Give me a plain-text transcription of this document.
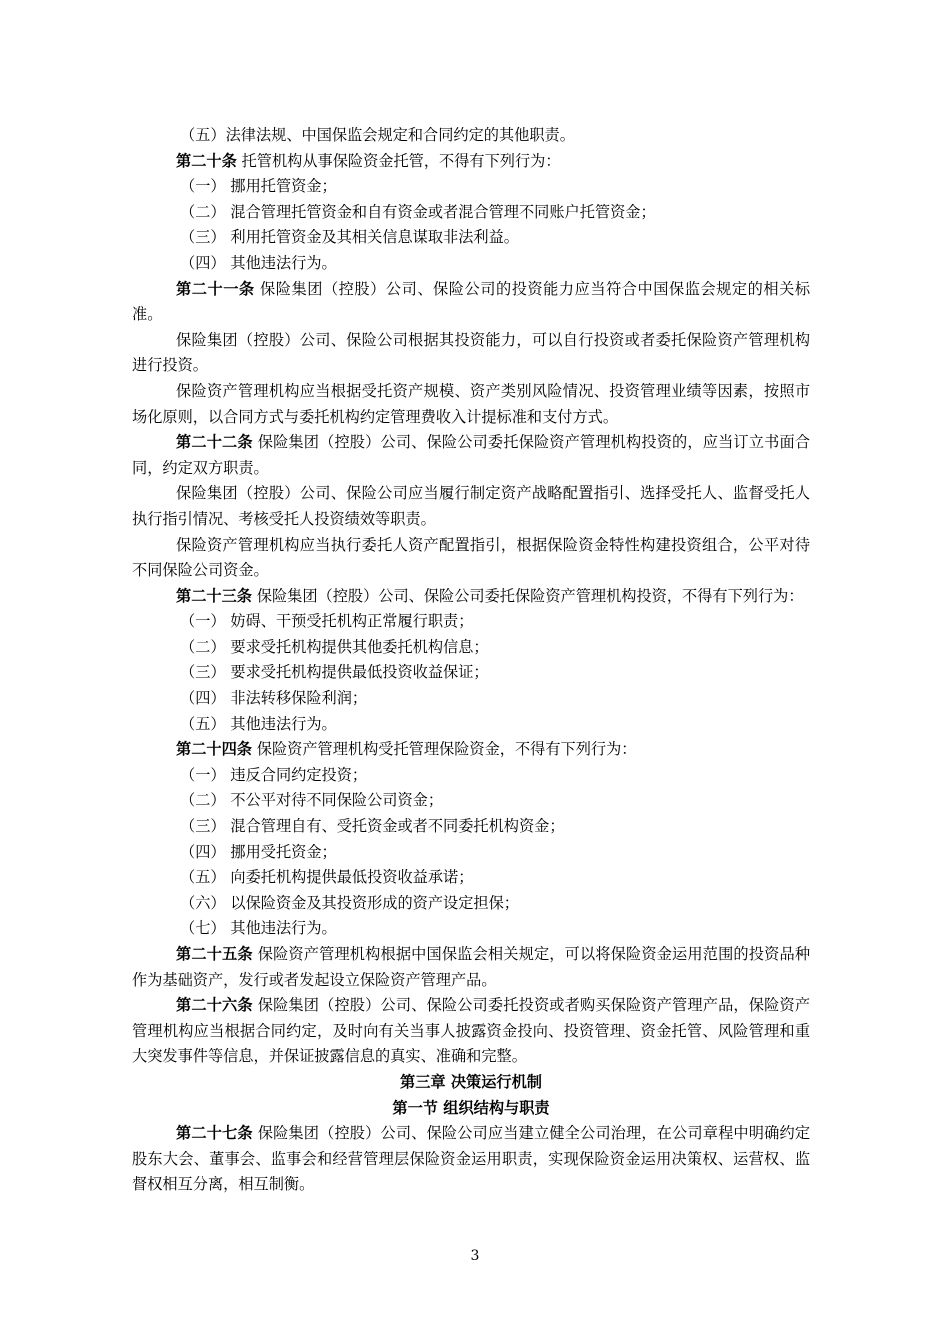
（五）法律法规、中国保监会规定和合同约定的其他职责。
第二十条 托管机构从事保险资金托管，不得有下列行为：
（一） 挪用托管资金；
（二） 混合管理托管资金和自有资金或者混合管理不同账户托管资金；
（三） 利用托管资金及其相关信息谋取非法利益。
（四） 其他违法行为。
第二十一条 保险集团（控股）公司、保险公司的投资能力应当符合中国保监会规定的相关标准。
保险集团（控股）公司、保险公司根据其投资能力，可以自行投资或者委托保险资产管理机构进行投资。
保险资产管理机构应当根据受托资产规模、资产类别风险情况、投资管理业绩等因素，按照市场化原则，以合同方式与委托机构约定管理费收入计提标准和支付方式。
第二十二条 保险集团（控股）公司、保险公司委托保险资产管理机构投资的，应当订立书面合同，约定双方职责。
保险集团（控股）公司、保险公司应当履行制定资产战略配置指引、选择受托人、监督受托人执行指引情况、考核受托人投资绩效等职责。
保险资产管理机构应当执行委托人资产配置指引，根据保险资金特性构建投资组合，公平对待不同保险公司资金。
第二十三条 保险集团（控股）公司、保险公司委托保险资产管理机构投资，不得有下列行为：
（一） 妨碍、干预受托机构正常履行职责；
（二） 要求受托机构提供其他委托机构信息；
（三） 要求受托机构提供最低投资收益保证；
（四） 非法转移保险利润；
（五） 其他违法行为。
第二十四条 保险资产管理机构受托管理保险资金，不得有下列行为：
（一） 违反合同约定投资；
（二） 不公平对待不同保险公司资金；
（三） 混合管理自有、受托资金或者不同委托机构资金；
（四） 挪用受托资金；
（五） 向委托机构提供最低投资收益承诺；
（六） 以保险资金及其投资形成的资产设定担保；
（七） 其他违法行为。
第二十五条 保险资产管理机构根据中国保监会相关规定，可以将保险资金运用范围的投资品种作为基础资产，发行或者发起设立保险资产管理产品。
第二十六条 保险集团（控股）公司、保险公司委托投资或者购买保险资产管理产品，保险资产管理机构应当根据合同约定，及时向有关当事人披露资金投向、投资管理、资金托管、风险管理和重大突发事件等信息，并保证披露信息的真实、准确和完整。
第三章 决策运行机制
第一节 组织结构与职责
第二十七条 保险集团（控股）公司、保险公司应当建立健全公司治理，在公司章程中明确约定股东大会、董事会、监事会和经营管理层保险资金运用职责，实现保险资金运用决策权、运营权、监督权相互分离，相互制衡。
3
